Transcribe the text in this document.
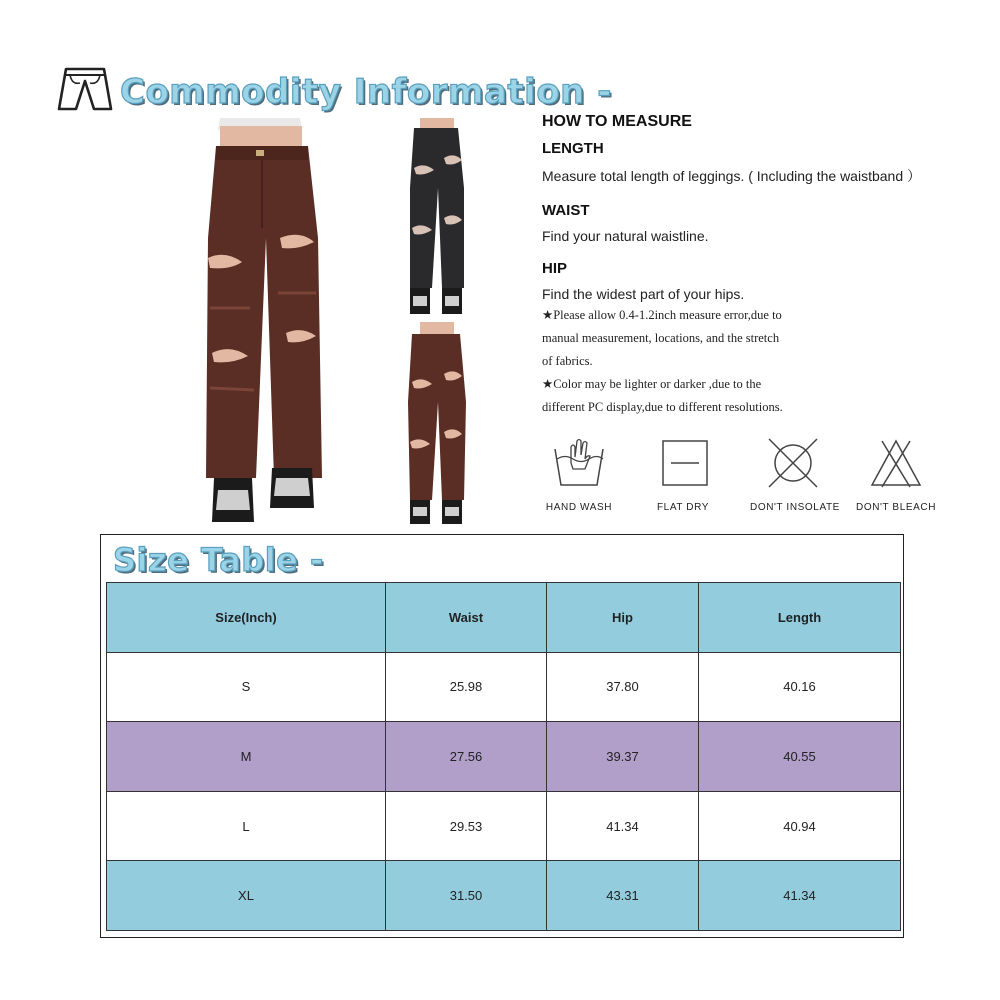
Commodity Information -
HOW TO MEASURE
LENGTH
Measure total length of leggings. ( Including the waistband ）
WAIST
Find your natural waistline.
HIP
Find the widest part of your hips.
★Please allow 0.4-1.2inch measure error,due to
manual measurement, locations, and the stretch
of fabrics.
★Color may be lighter or darker ,due to the
different PC display,due to different resolutions.
HAND WASH	FLAT DRY	DON'T INSOLATE DON'T BLEACH
Size Table -
Size(Inch)	Waist	Hip	Length
S	25.98	37.80	40.16
M	27.56	39.37	40.55
L	29.53	41.34	40.94
XL	31.50	43.31	41.34
